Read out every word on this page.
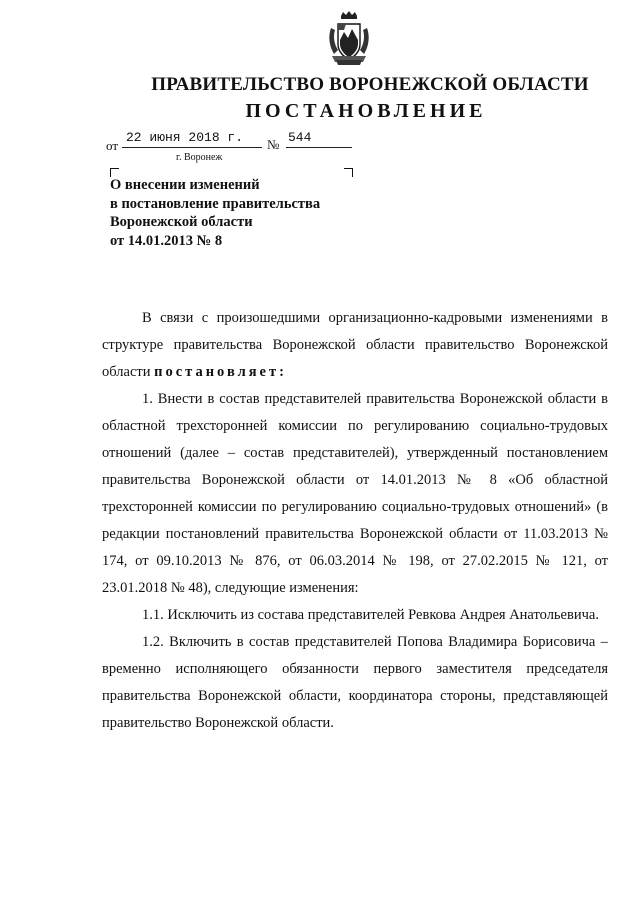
ПРАВИТЕЛЬСТВО ВОРОНЕЖСКОЙ ОБЛАСТИ
ПОСТАНОВЛЕНИЕ
от
22 июня 2018 г.	№ 544
г. Воронеж
О внесении изменений
в постановление правительства
Воронежской области
от 14.01.2013 № 8

В связи с произошедшими организационно-кадровыми изменениями в структуре правительства Воронежской области правительство Воронежской области постановляет:

1. Внести в состав представителей правительства Воронежской области в областной трехсторонней комиссии по регулированию социально-трудовых отношений (далее – состав представителей), утвержденный постановлением правительства Воронежской области от 14.01.2013 № 8 «Об областной трехсторонней комиссии по регулированию социально-трудовых отношений» (в редакции постановлений правительства Воронежской области от 11.03.2013 № 174, от 09.10.2013 № 876, от 06.03.2014 № 198, от 27.02.2015 № 121, от 23.01.2018 № 48), следующие изменения:

1.1. Исключить из состава представителей Ревкова Андрея Анатольевича.

1.2. Включить в состав представителей Попова Владимира Борисовича – временно исполняющего обязанности первого заместителя председателя правительства Воронежской области, координатора стороны, представляющей правительство Воронежской области.
